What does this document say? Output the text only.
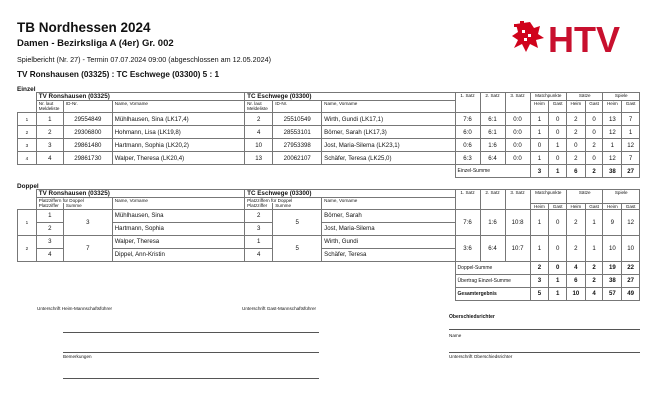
TB Nordhessen 2024
Damen - Bezirksliga A (4er) Gr. 002
Spielbericht (Nr. 27) - Termin 07.07.2024 09:00 (abgeschlossen am 12.05.2024)
TV Ronshausen (03325) : TC Eschwege (03300) 5 : 1
HTV
Einzel
	TV Ronshausen (03325)			TC Eschwege (03300)			1. Satz	2. Satz	3. Satz	Matchpunkte		Sätze		Spiele	
	Nr. laut Meldeliste	ID-Nr.	Name, Vorname	Nr. laut Meldeliste	ID-Nr.	Name, Vorname				Heim	Gast	Heim	Gast	Heim	Gast
1	1	29554849	Mühlhausen, Sina (LK17,4)	2	25510549	Wirth, Gundi (LK17,1)	7:6	6:1	0:0	1	0	2	0	13	7
2	2	29306800	Hohmann, Lisa (LK19,8)	4	28553101	Börner, Sarah (LK17,3)	6:0	6:1	0:0	1	0	2	0	12	1
3	3	29861480	Hartmann, Sophia (LK20,2)	10	27953398	Jost, Maria-Silema (LK23,1)	0:6	1:6	0:0	0	1	0	2	1	12
4	4	29861730	Walper, Theresa (LK20,4)	13	20062107	Schäfer, Teresa (LK25,0)	6:3	6:4	0:0	1	0	2	0	12	7
							Einzel-Summe			3	1	6	2	38	27
Doppel
	TV Ronshausen (03325)			TC Eschwege (03300)			1. Satz	2. Satz	3. Satz	Matchpunkte		Sätze		Spiele	
	Platzziffern für Doppel		Name, Vorname	Platzziffern für Doppel		Name, Vorname									
	Platzziffer	Summe		Platzziffer	Summe					Heim	Gast	Heim	Gast	Heim	Gast
1	1	3	Mühlhausen, Sina	2	5	Börner, Sarah	7:6	1:6	10:8	1	0	2	1	9	12
	2		Hartmann, Sophia	3		Jost, Maria-Silema									
2	3	7	Walper, Theresa	1	5	Wirth, Gundi	3:6	6:4	10:7	1	0	2	1	10	10
	4		Dippel, Ann-Kristin	4		Schäfer, Teresa									
							Doppel-Summe			2	0	4	2	19	22
							Übertrag Einzel-Summe			3	1	6	2	38	27
							Gesamtergebnis			5	1	10	4	57	49
Unterschrift Heim-Mannschaftsführer	Unterschrift Gast-Mannschaftsführer
Oberschiedsrichter
Name
Bemerkungen	Unterschrift Oberschiedsrichter
